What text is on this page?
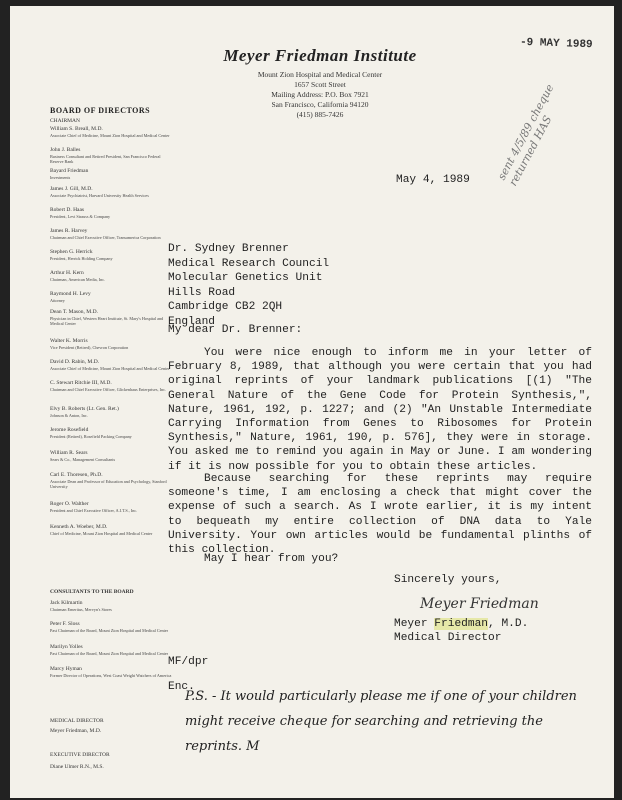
Meyer Friedman Institute
Mount Zion Hospital and Medical Center
1657 Scott Street
Mailing Address: P.O. Box 7921
San Francisco, California 94120
(415) 885-7426
-9 MAY 1989
BOARD OF DIRECTORS
CHAIRMAN
William S. Breall, M.D.
Associate Chief of Medicine, Mount Zion Hospital and Medical Center
John J. Balles
Business Consultant and Retired President, San Francisco Federal Reserve Bank
Bayard Friedman
Investments
James J. Gill, M.D.
Associate Psychiatrist, Harvard University Health Services
Robert D. Haas
President, Levi Strauss & Company
James R. Harvey
Chairman and Chief Executive Officer, Transamerica Corporation
Stephen G. Herrick
President, Herrick Holding Company
Arthur H. Kern
Chairman, American Media, Inc.
Raymond H. Levy
Attorney
Dean T. Mason, M.D.
Physician in Chief, Western Heart Institute, St. Mary's Hospital and Medical Center
Walter K. Morris
Vice President (Retired), Chevron Corporation
David D. Rabin, M.D.
Associate Chief of Medicine, Mount Zion Hospital and Medical Center
C. Stewart Ritchie III, M.D.
Chairman and Chief Executive Officer, Glickenhaus Enterprises, Inc.
Elvy B. Roberts (Lt. Gen. Ret.)
Johnson & Anton, Inc.
Jerome Rosefield
President (Retired), Rosefield Packing Company
William R. Sears
Sears & Co., Management Consultants
Carl E. Thoresen, Ph.D.
Associate Dean and Professor of Education and Psychology, Stanford University
Roger O. Walther
President and Chief Executive Officer, A.I.T.S., Inc.
Kenneth A. Woeber, M.D.
Chief of Medicine, Mount Zion Hospital and Medical Center
CONSULTANTS TO THE BOARD
Jack Kilmartin
Chairman Emeritus, Mervyn's Stores
Peter F. Sloss
Past Chairman of the Board, Mount Zion Hospital and Medical Center
Marilyn Yolles
Past Chairman of the Board, Mount Zion Hospital and Medical Center
Marcy Hyman
Former Director of Operations, West Coast Weight Watchers of America
MEDICAL DIRECTOR
Meyer Friedman, M.D.
EXECUTIVE DIRECTOR
Diane Ulmer R.N., M.S.
May 4, 1989
Dr. Sydney Brenner
Medical Research Council
Molecular Genetics Unit
Hills Road
Cambridge CB2 2QH
England
My dear Dr. Brenner:
You were nice enough to inform me in your letter of February 8, 1989, that although you were certain that you had original reprints of your landmark publications [(1) "The General Nature of the Gene Code for Protein Synthesis,", Nature, 1961, 192, p. 1227; and (2) "An Unstable Intermediate Carrying Information from Genes to Ribosomes for Protein Synthesis," Nature, 1961, 190, p. 576], they were in storage. You asked me to remind you again in May or June. I am wondering if it is now possible for you to obtain these articles.
Because searching for these reprints may require someone's time, I am enclosing a check that might cover the expense of such a search. As I wrote earlier, it is my intent to bequeath my entire collection of DNA data to Yale University. Your own articles would be fundamental plinths of this collection.
May I hear from you?
Sincerely yours,
Meyer Friedman
Meyer Friedman, M.D.
Medical Director
MF/dpr
Enc.
P.S. - It would particularly please me if one of your children might receive cheque for searching and retrieving the reprints. M
sent 4/5/89 cheque returned HAS
